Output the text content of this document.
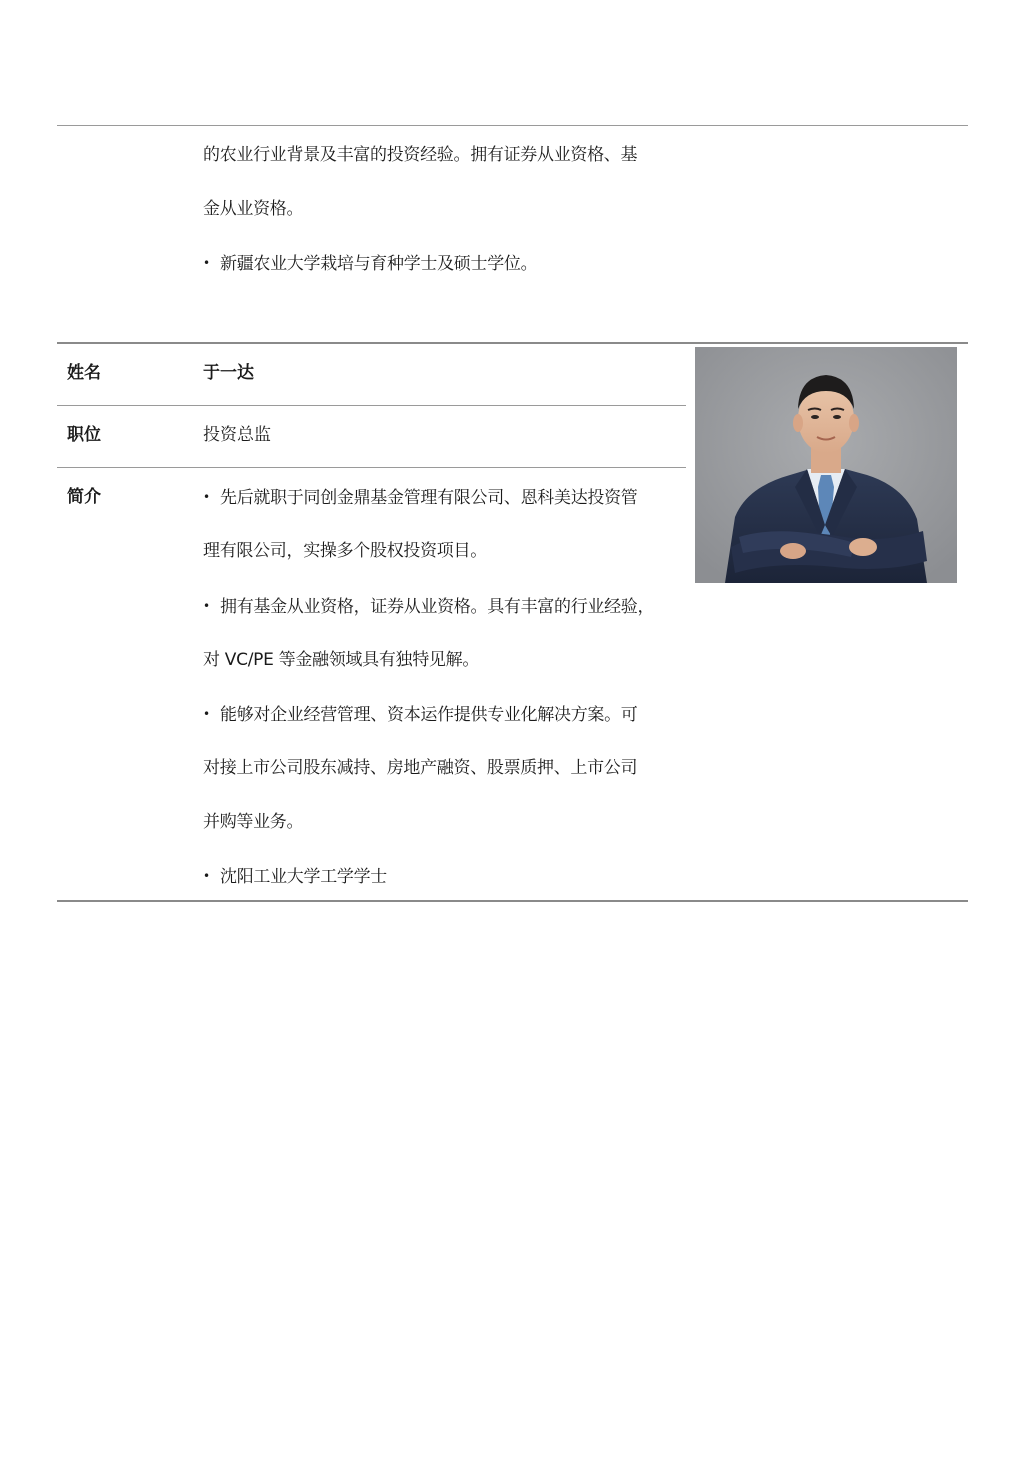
的农业行业背景及丰富的投资经验。拥有证券从业资格、基
金从业资格。
• 新疆农业大学栽培与育种学士及硕士学位。
姓名	于一达
职位	投资总监
简介
•	先后就职于同创金鼎基金管理有限公司、恩科美达投资管
理有限公司，实操多个股权投资项目。
• 拥有基金从业资格，证券从业资格。具有丰富的行业经验，
对 VC/PE 等金融领域具有独特见解。
• 能够对企业经营管理、资本运作提供专业化解决方案。可
对接上市公司股东减持、房地产融资、股票质押、上市公司
并购等业务。
• 沈阳工业大学工学学士
